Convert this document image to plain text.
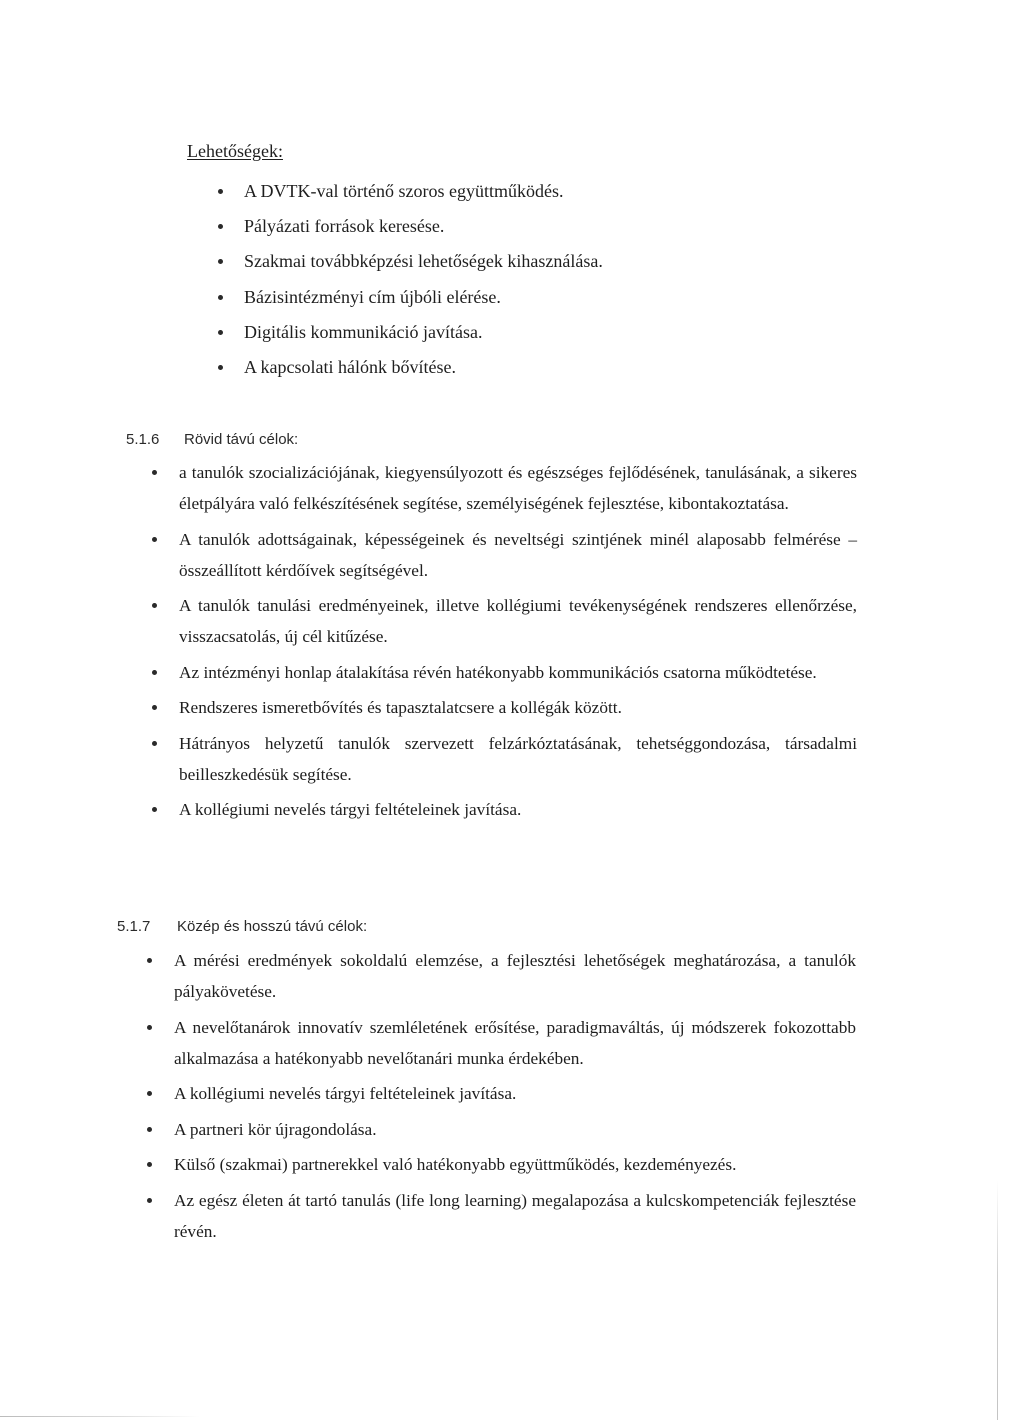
Lehetőségek:
A DVTK-val történő szoros együttműködés.
Pályázati források keresése.
Szakmai továbbképzési lehetőségek kihasználása.
Bázisintézményi cím újbóli elérése.
Digitális kommunikáció javítása.
A kapcsolati hálónk bővítése.
5.1.6 Rövid távú célok:
a tanulók szocializációjának, kiegyensúlyozott és egészséges fejlődésének, tanulásának, a sikeres életpályára való felkészítésének segítése, személyiségének fejlesztése, kibontakoztatása.
A tanulók adottságainak, képességeinek és neveltségi szintjének minél alaposabb felmérése – összeállított kérdőívek segítségével.
A tanulók tanulási eredményeinek, illetve kollégiumi tevékenységének rendszeres ellenőrzése, visszacsatolás, új cél kitűzése.
Az intézményi honlap átalakítása révén hatékonyabb kommunikációs csatorna működtetése.
Rendszeres ismeretbővítés és tapasztalatcsere a kollégák között.
Hátrányos helyzetű tanulók szervezett felzárkóztatásának, tehetséggondozása, társadalmi beilleszkedésük segítése.
A kollégiumi nevelés tárgyi feltételeinek javítása.
5.1.7 Közép és hosszú távú célok:
A mérési eredmények sokoldalú elemzése, a fejlesztési lehetőségek meghatározása, a tanulók pályakövetése.
A nevelőtanárok innovatív szemléletének erősítése, paradigmaváltás, új módszerek fokozottabb alkalmazása a hatékonyabb nevelőtanári munka érdekében.
A kollégiumi nevelés tárgyi feltételeinek javítása.
A partneri kör újragondolása.
Külső (szakmai) partnerekkel való hatékonyabb együttműködés, kezdeményezés.
Az egész életen át tartó tanulás (life long learning) megalapozása a kulcskompetenciák fejlesztése révén.
